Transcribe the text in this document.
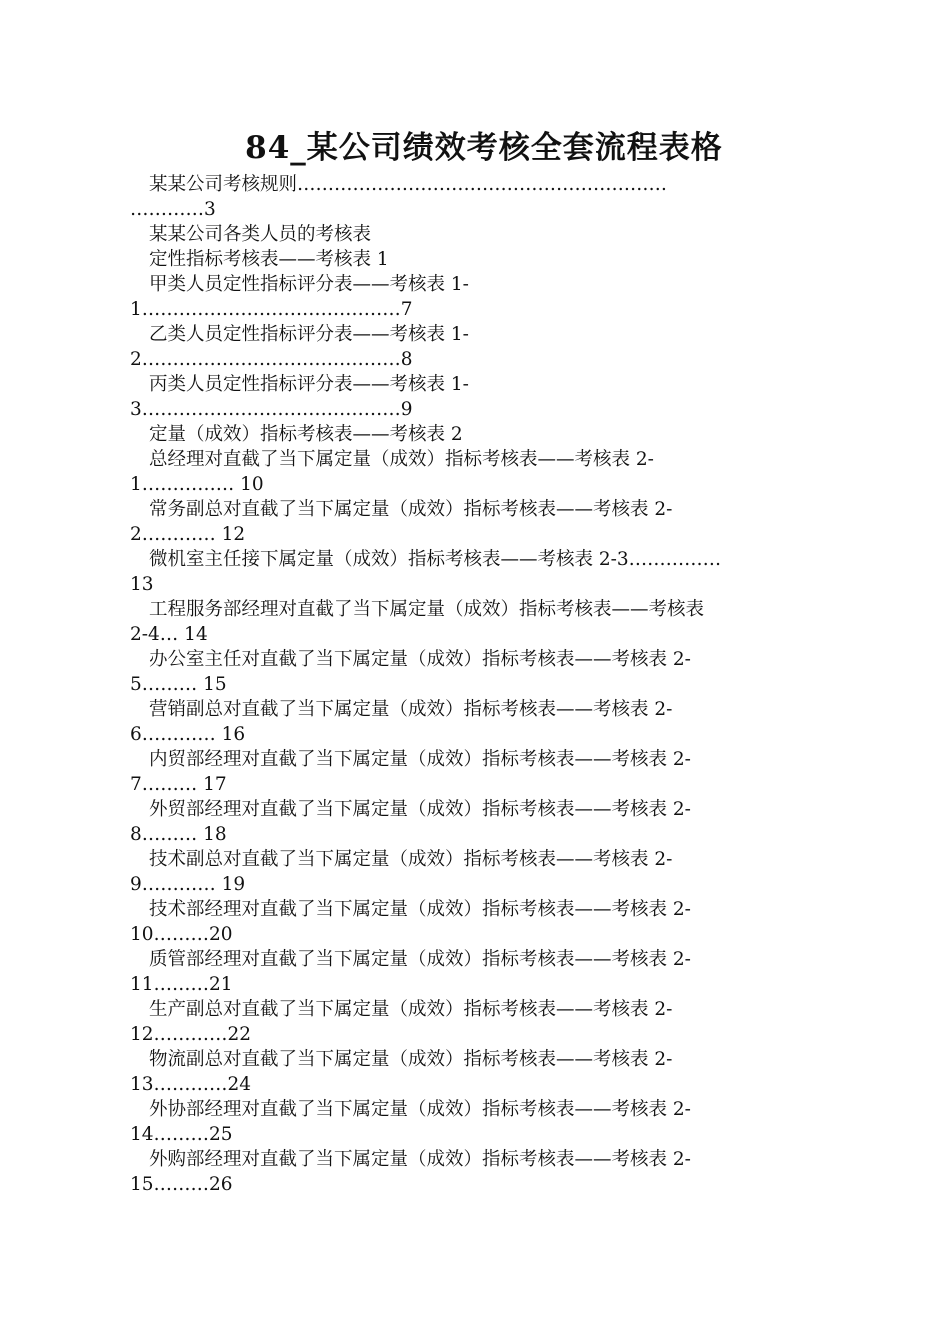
84_某公司绩效考核全套流程表格
某某公司考核规则……………………………………………………
…………3
某某公司各类人员的考核表
定性指标考核表——考核表 1
甲类人员定性指标评分表——考核表 1-
1……………………………………7
乙类人员定性指标评分表——考核表 1-
2……………………………………8
丙类人员定性指标评分表——考核表 1-
3……………………………………9
定量（成效）指标考核表——考核表 2
总经理对直截了当下属定量（成效）指标考核表——考核表 2-
1…………… 10
常务副总对直截了当下属定量（成效）指标考核表——考核表 2-
2………… 12
微机室主任接下属定量（成效）指标考核表——考核表 2-3……………
13
工程服务部经理对直截了当下属定量（成效）指标考核表——考核表
2-4… 14
办公室主任对直截了当下属定量（成效）指标考核表——考核表 2-
5……… 15
营销副总对直截了当下属定量（成效）指标考核表——考核表 2-
6………… 16
内贸部经理对直截了当下属定量（成效）指标考核表——考核表 2-
7……… 17
外贸部经理对直截了当下属定量（成效）指标考核表——考核表 2-
8……… 18
技术副总对直截了当下属定量（成效）指标考核表——考核表 2-
9………… 19
技术部经理对直截了当下属定量（成效）指标考核表——考核表 2-
10………20
质管部经理对直截了当下属定量（成效）指标考核表——考核表 2-
11………21
生产副总对直截了当下属定量（成效）指标考核表——考核表 2-
12…………22
物流副总对直截了当下属定量（成效）指标考核表——考核表 2-
13…………24
外协部经理对直截了当下属定量（成效）指标考核表——考核表 2-
14………25
外购部经理对直截了当下属定量（成效）指标考核表——考核表 2-
15………26
